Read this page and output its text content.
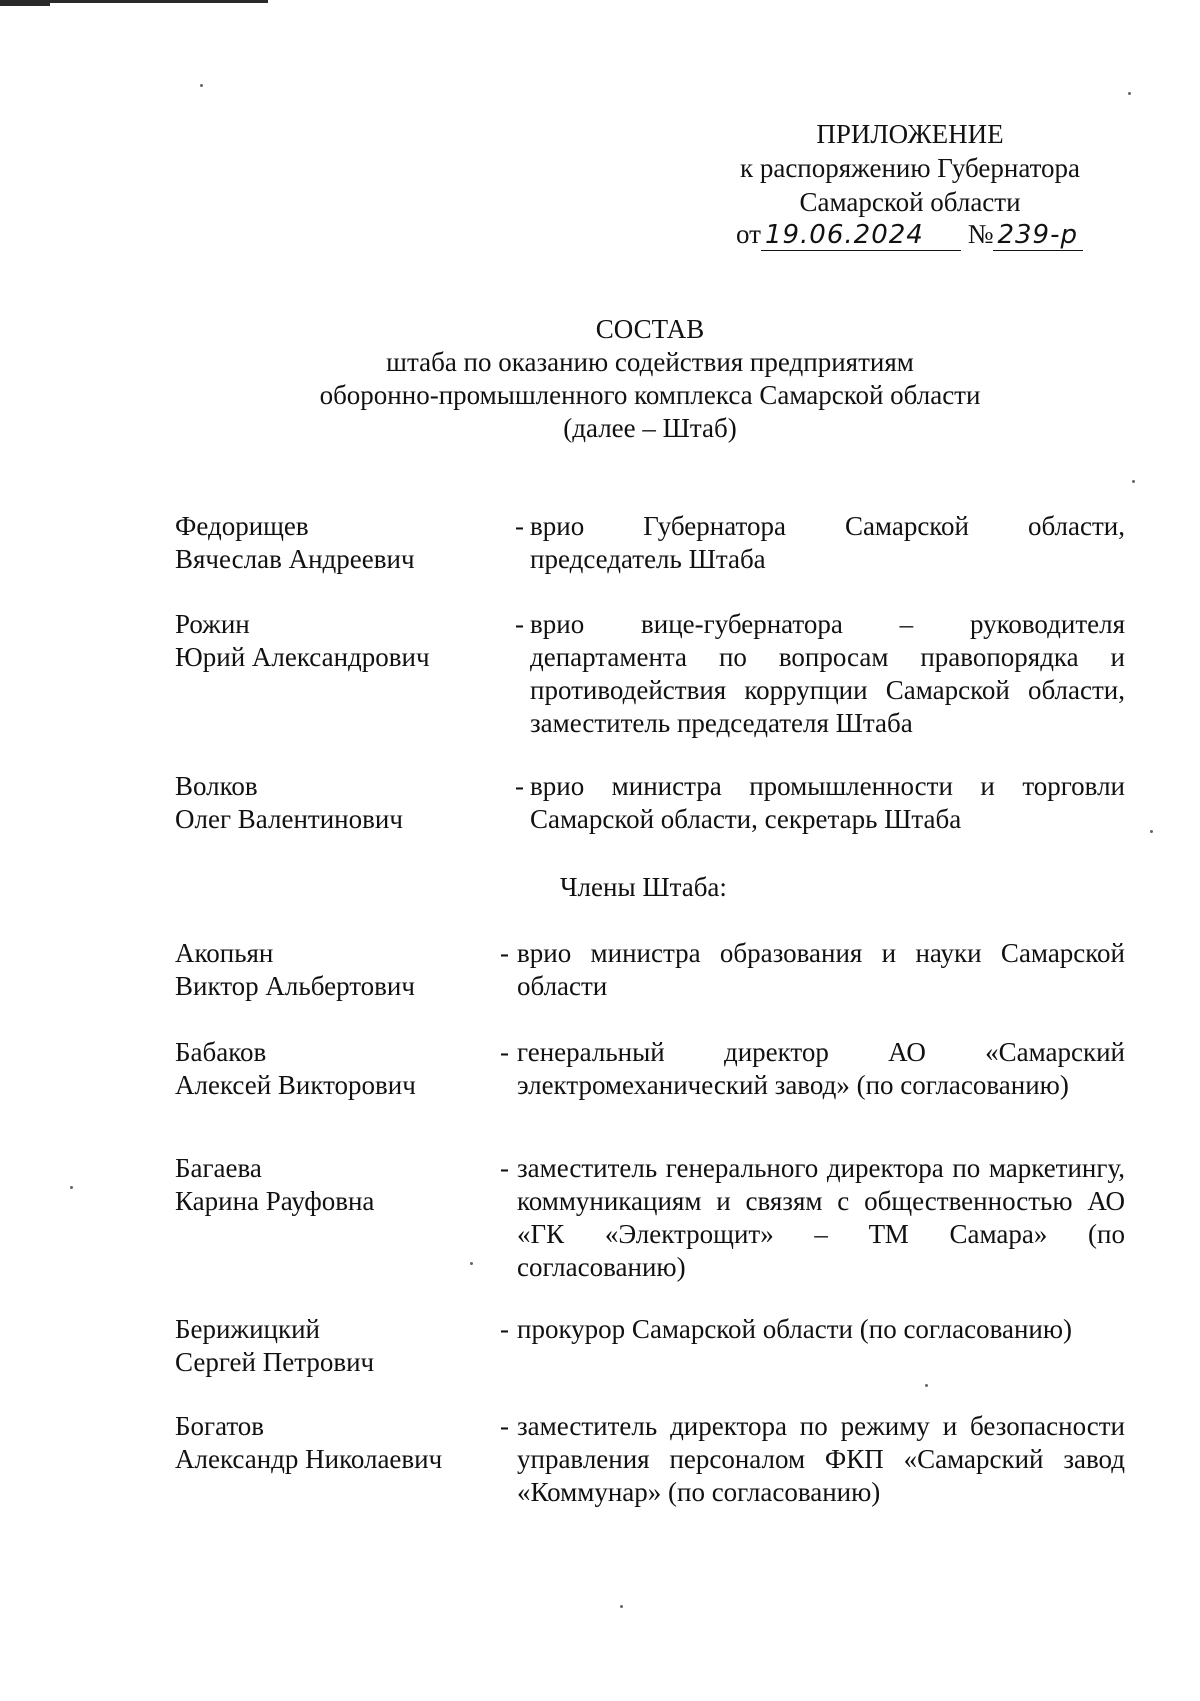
ПРИЛОЖЕНИЕ
к распоряжению Губернатора
Самарской области
от 19.06.2024 № 239-р
СОСТАВ
штаба по оказанию содействия предприятиям
оборонно-промышленного комплекса Самарской области
(далее – Штаб)
Федорищев
Вячеслав Андреевич
- врио Губернатора Самарской области, председатель Штаба
Рожин
Юрий Александрович
- врио вице-губернатора – руководителя департамента по вопросам правопорядка и противодействия коррупции Самарской области, заместитель председателя Штаба
Волков
Олег Валентинович
- врио министра промышленности и торговли Самарской области, секретарь Штаба
Члены Штаба:
Акопьян
Виктор Альбертович
- врио министра образования и науки Самарской области
Бабаков
Алексей Викторович
- генеральный директор АО «Самарский электромеханический завод» (по согласованию)
Багаева
Карина Рауфовна
- заместитель генерального директора по маркетингу, коммуникациям и связям с общественностью АО «ГК «Электрощит» – ТМ Самара» (по согласованию)
Берижицкий
Сергей Петрович
- прокурор Самарской области (по согласованию)
Богатов
Александр Николаевич
- заместитель директора по режиму и безопасности управления персоналом ФКП «Самарский завод «Коммунар» (по согласованию)
